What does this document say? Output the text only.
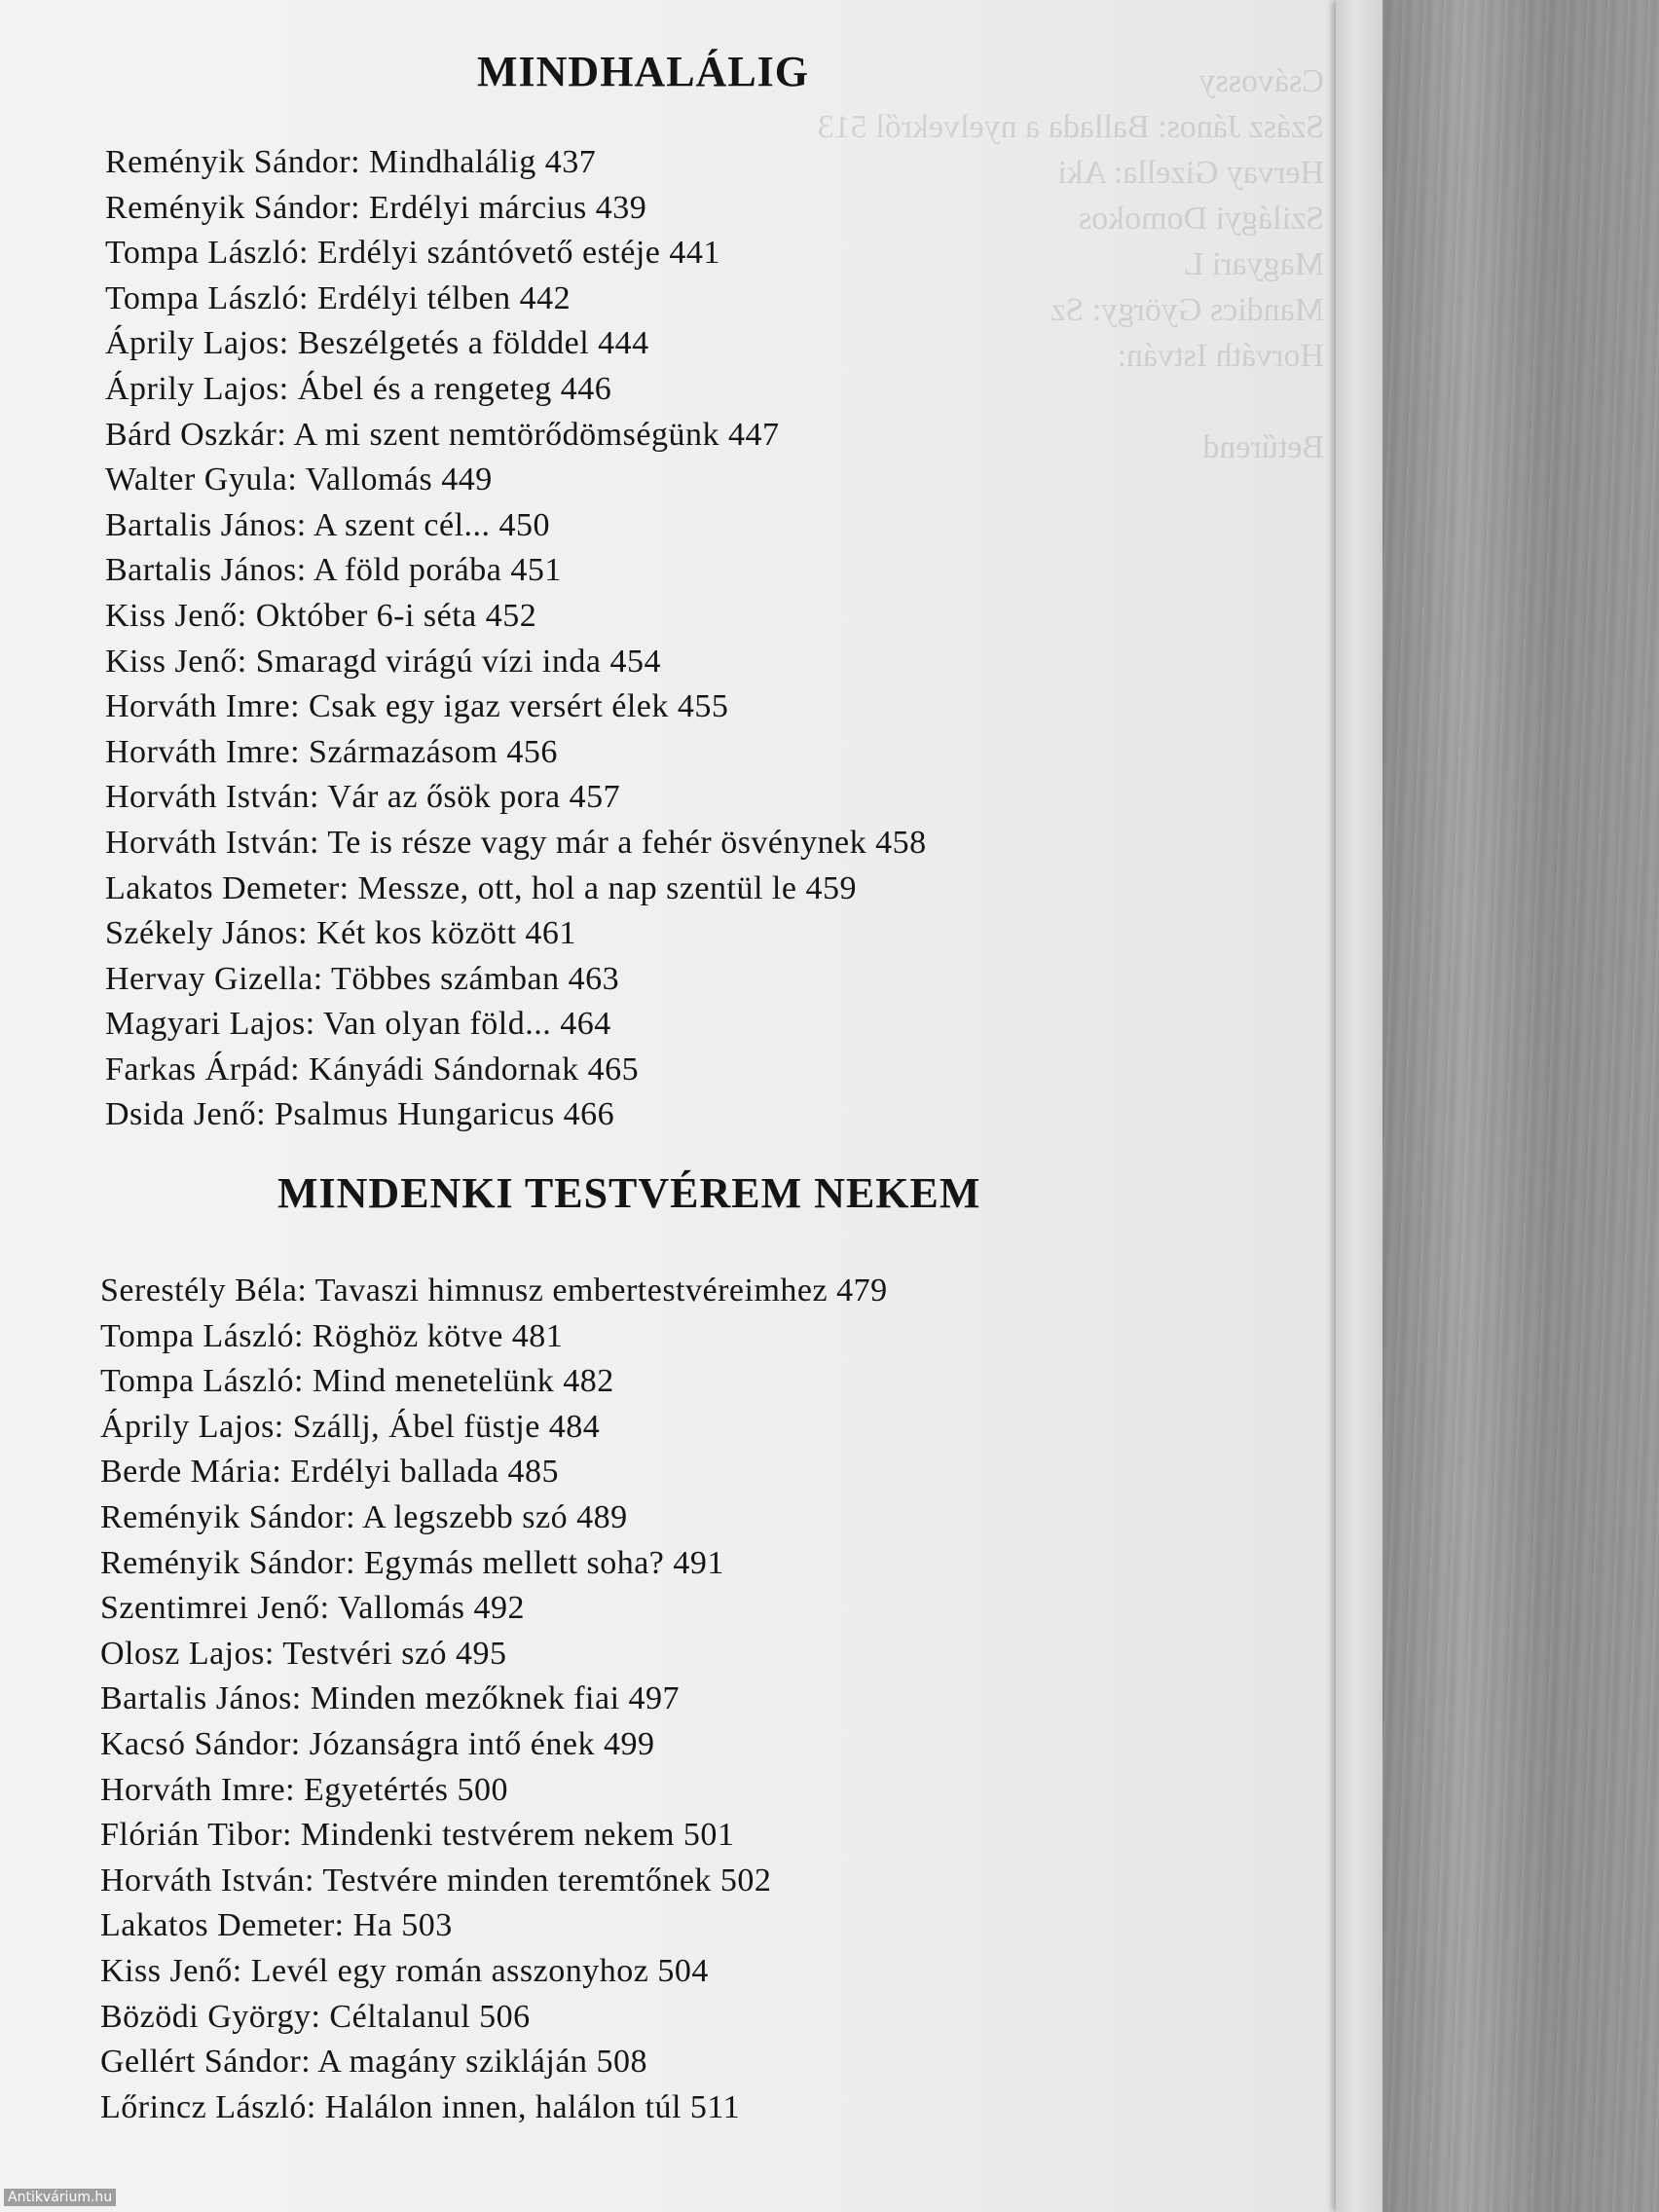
Csávossy
Szász János: Ballada a nyelvekről 513
Hervay Gizella: Aki
Szilágyi Domokos
Magyari L
Mandics György: Sz
Horváth István:
Betűrend
MINDHALÁLIG
Reményik Sándor: Mindhalálig 437
Reményik Sándor: Erdélyi március 439
Tompa László: Erdélyi szántóvető estéje 441
Tompa László: Erdélyi télben 442
Áprily Lajos: Beszélgetés a földdel 444
Áprily Lajos: Ábel és a rengeteg 446
Bárd Oszkár: A mi szent nemtörődömségünk 447
Walter Gyula: Vallomás 449
Bartalis János: A szent cél... 450
Bartalis János: A föld porába 451
Kiss Jenő: Október 6-i séta 452
Kiss Jenő: Smaragd virágú vízi inda 454
Horváth Imre: Csak egy igaz versért élek 455
Horváth Imre: Származásom 456
Horváth István: Vár az ősök pora 457
Horváth István: Te is része vagy már a fehér ösvénynek 458
Lakatos Demeter: Messze, ott, hol a nap szentül le 459
Székely János: Két kos között 461
Hervay Gizella: Többes számban 463
Magyari Lajos: Van olyan föld... 464
Farkas Árpád: Kányádi Sándornak 465
Dsida Jenő: Psalmus Hungaricus 466
MINDENKI TESTVÉREM NEKEM
Serestély Béla: Tavaszi himnusz embertestvéreimhez 479
Tompa László: Röghöz kötve 481
Tompa László: Mind menetelünk 482
Áprily Lajos: Szállj, Ábel füstje 484
Berde Mária: Erdélyi ballada 485
Reményik Sándor: A legszebb szó 489
Reményik Sándor: Egymás mellett soha? 491
Szentimrei Jenő: Vallomás 492
Olosz Lajos: Testvéri szó 495
Bartalis János: Minden mezőknek fiai 497
Kacsó Sándor: Józanságra intő ének 499
Horváth Imre: Egyetértés 500
Flórián Tibor: Mindenki testvérem nekem 501
Horváth István: Testvére minden teremtőnek 502
Lakatos Demeter: Ha 503
Kiss Jenő: Levél egy román asszonyhoz 504
Bözödi György: Céltalanul 506
Gellért Sándor: A magány szikláján 508
Lőrincz László: Halálon innen, halálon túl 511
Antikvárium.hu
